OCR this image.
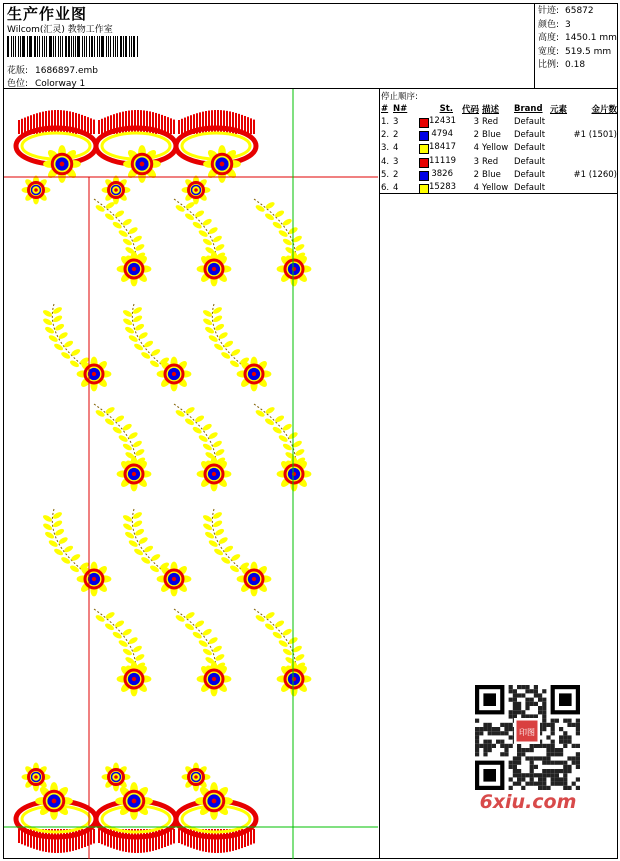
生产作业图
Wilcom(汇灵) 教物工作室
花版: 1686897.emb
色位: Colorway 1
针迹: 65872
颜色: 3
高度: 1450.1 mm
宽度: 519.5 mm
比例: 0.18
停止顺序:
#	N#	St.	代码	描述	Brand	元素	金片数
1.	3	12431	3	Red	Default		
2.	2	4794	2	Blue	Default		#1 (1501)
3.	4	18417	4	Yellow	Default		
4.	3	11119	3	Red	Default		
5.	2	3826	2	Blue	Default		#1 (1260)
6.	4	15283	4	Yellow	Default		
印图
6xiu.com
